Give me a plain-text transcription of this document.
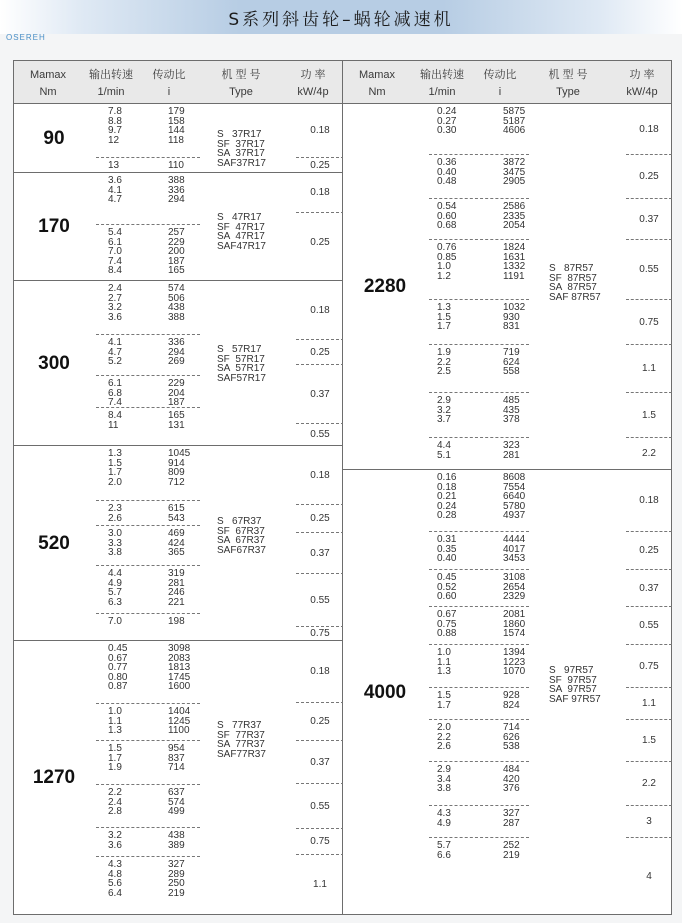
S系列斜齿轮–蜗轮减速机
OSEREH
Mamax
Nm
输出转速
1/min
传动比
i
机 型 号
Type
功 率
kW/4p
90
7.8
8.8
9.7
12
179
158
144
118
13	110
S   37R17
SF  37R17
SA  37R17
SAF37R17
0.18
0.25
170
3.6
4.1
4.7
388
336
294
5.4
6.1
7.0
7.4
8.4
257
229
200
187
165
S   47R17
SF  47R17
SA  47R17
SAF47R17
0.18
0.25
300
2.4
2.7
3.2
3.6
574
506
438
388
4.1
4.7
5.2
336
294
269
6.1
6.8
7.4
229
204
187
8.4
11
165
131
S   57R17
SF  57R17
SA  57R17
SAF57R17
0.18
0.25
0.37
0.55
520
1.3
1.5
1.7
2.0
1045
914
809
712
2.3
2.6
615
543
3.0
3.3
3.8
469
424
365
4.4
4.9
5.7
6.3
319
281
246
221
7.0	198
S   67R37
SF  67R37
SA  67R37
SAF67R37
0.18
0.25
0.37
0.55
0.75
1270
0.45
0.67
0.77
0.80
0.87
3098
2083
1813
1745
1600
1.0
1.1
1.3
1404
1245
1100
1.5
1.7
1.9
954
837
714
2.2
2.4
2.8
637
574
499
3.2
3.6
438
389
4.3
4.8
5.6
6.4
327
289
250
219
S   77R37
SF  77R37
SA  77R37
SAF77R37
0.18
0.25
0.37
0.55
0.75
1.1
Mamax
Nm
输出转速
1/min
传动比
i
机 型 号
Type
功 率
kW/4p
2280
0.24
0.27
0.30
5875
5187
4606
0.36
0.40
0.48
3872
3475
2905
0.54
0.60
0.68
2586
2335
2054
0.76
0.85
1.0
1.2
1824
1631
1332
1191
1.3
1.5
1.7
1032
930
831
1.9
2.2
2.5
719
624
558
2.9
3.2
3.7
485
435
378
4.4
5.1
323
281
S   87R57
SF  87R57
SA  87R57
SAF 87R57
0.18
0.25
0.37
0.55
0.75
1.1
1.5
2.2
4000
0.16
0.18
0.21
0.24
0.28
8608
7554
6640
5780
4937
0.31
0.35
0.40
4444
4017
3453
0.45
0.52
0.60
3108
2654
2329
0.67
0.75
0.88
2081
1860
1574
1.0
1.1
1.3
1394
1223
1070
1.5
1.7
928
824
2.0
2.2
2.6
714
626
538
2.9
3.4
3.8
484
420
376
4.3
4.9
327
287
5.7
6.6
252
219
S   97R57
SF  97R57
SA  97R57
SAF 97R57
0.18
0.25
0.37
0.55
0.75
1.1
1.5
2.2
3
4
